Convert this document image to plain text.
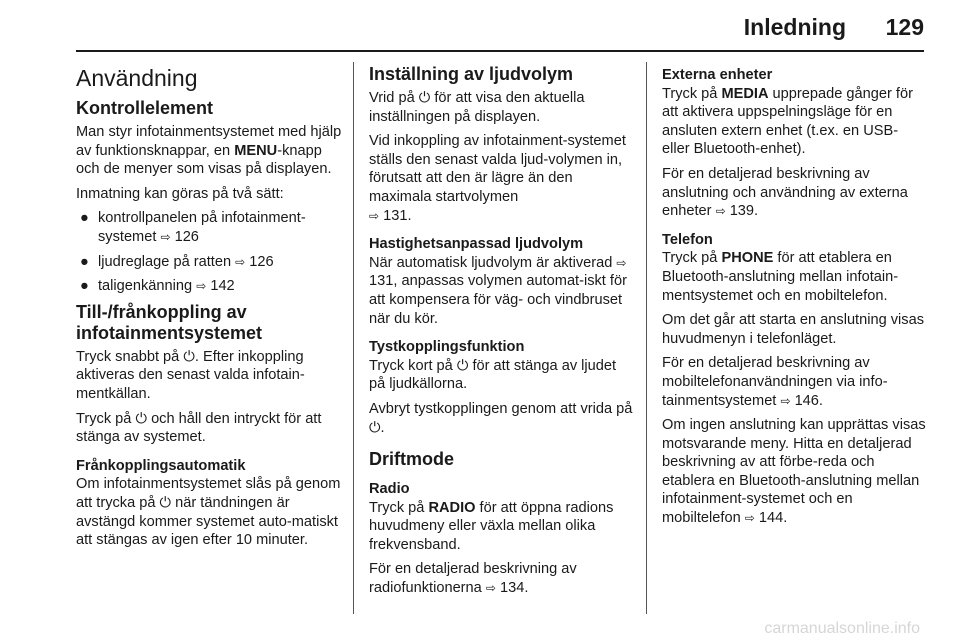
Inledning 129
Användning
Kontrollelement

Man styr infotainmentsystemet med hjälp av funktionsknappar, en MENU-knapp och de menyer som visas på displayen.

Inmatning kan göras på två sätt:

● kontrollpanelen på infotainment-systemet ⇨ 126
● ljudreglage på ratten ⇨ 126
● taligenkänning ⇨ 142
Till-/frånkoppling av infotainmentsystemet

Tryck snabbt på ⏻. Efter inkoppling aktiveras den senast valda infotain-mentkällan.

Tryck på ⏻ och håll den intryckt för att stänga av systemet.

Frånkopplingsautomatik

Om infotainmentsystemet slås på genom att trycka på ⏻ när tändningen är avstängd kommer systemet auto-matiskt att stängas av igen efter 10 minuter.

Inställning av ljudvolym

Vrid på ⏻ för att visa den aktuella inställningen på displayen.

Vid inkoppling av infotainment-systemet ställs den senast valda ljud-volymen in, förutsatt att den är lägre än den maximala startvolymen
⇨ 131.

Hastighetsanpassad ljudvolym

När automatisk ljudvolym är aktiverad ⇨ 131, anpassas volymen automat-iskt för att kompensera för väg- och vindbruset när du kör.

Tystkopplingsfunktion

Tryck kort på ⏻ för att stänga av ljudet på ljudkällorna.

Avbryt tystkopplingen genom att vrida på ⏻.

Driftmode
Radio

Tryck på RADIO för att öppna radions huvudmeny eller växla mellan olika frekvensband.

För en detaljerad beskrivning av radiofunktionerna ⇨ 134.

Externa enheter

Tryck på MEDIA upprepade gånger för att aktivera uppspelningsläge för en ansluten extern enhet (t.ex. en USB- eller Bluetooth-enhet).

För en detaljerad beskrivning av anslutning och användning av externa enheter ⇨ 139.

Telefon

Tryck på PHONE för att etablera en Bluetooth-anslutning mellan infotain-mentsystemet och en mobiltelefon.

Om det går att starta en anslutning visas huvudmenyn i telefonläget.

För en detaljerad beskrivning av mobiltelefonanvändningen via info-tainmentsystemet ⇨ 146.

Om ingen anslutning kan upprättas visas motsvarande meny. Hitta en detaljerad beskrivning av att förbe-reda och etablera en Bluetooth-anslutning mellan infotainment-systemet och en mobiltelefon ⇨ 144.

carmanualsonline.info
